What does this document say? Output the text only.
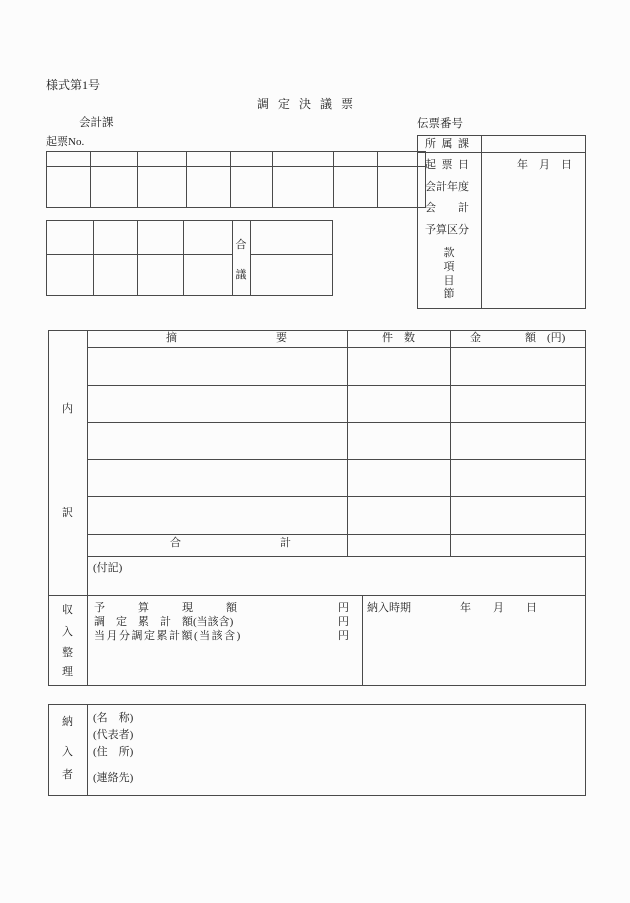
様式第1号
調 定 決 議 票
会計課
起票No.
伝票番号
所属課
起票日	年　月　日
会計年度
会計
予算区分
款
項
目
節
合
議
摘　　　　　　　　　要	件　数	金　　　　額　(円)
内
訳
合　　　　　　　　　計
(付記)
収
入
整
理
予　　　算　　　現　　　額	円
調　定　累　計　額(当該含)	円
当月分調定累計額(当該含)	円
納入時期	年　　月　　日
納
入
者
(名　称)
(代表者)
(住　所)
(連絡先)
